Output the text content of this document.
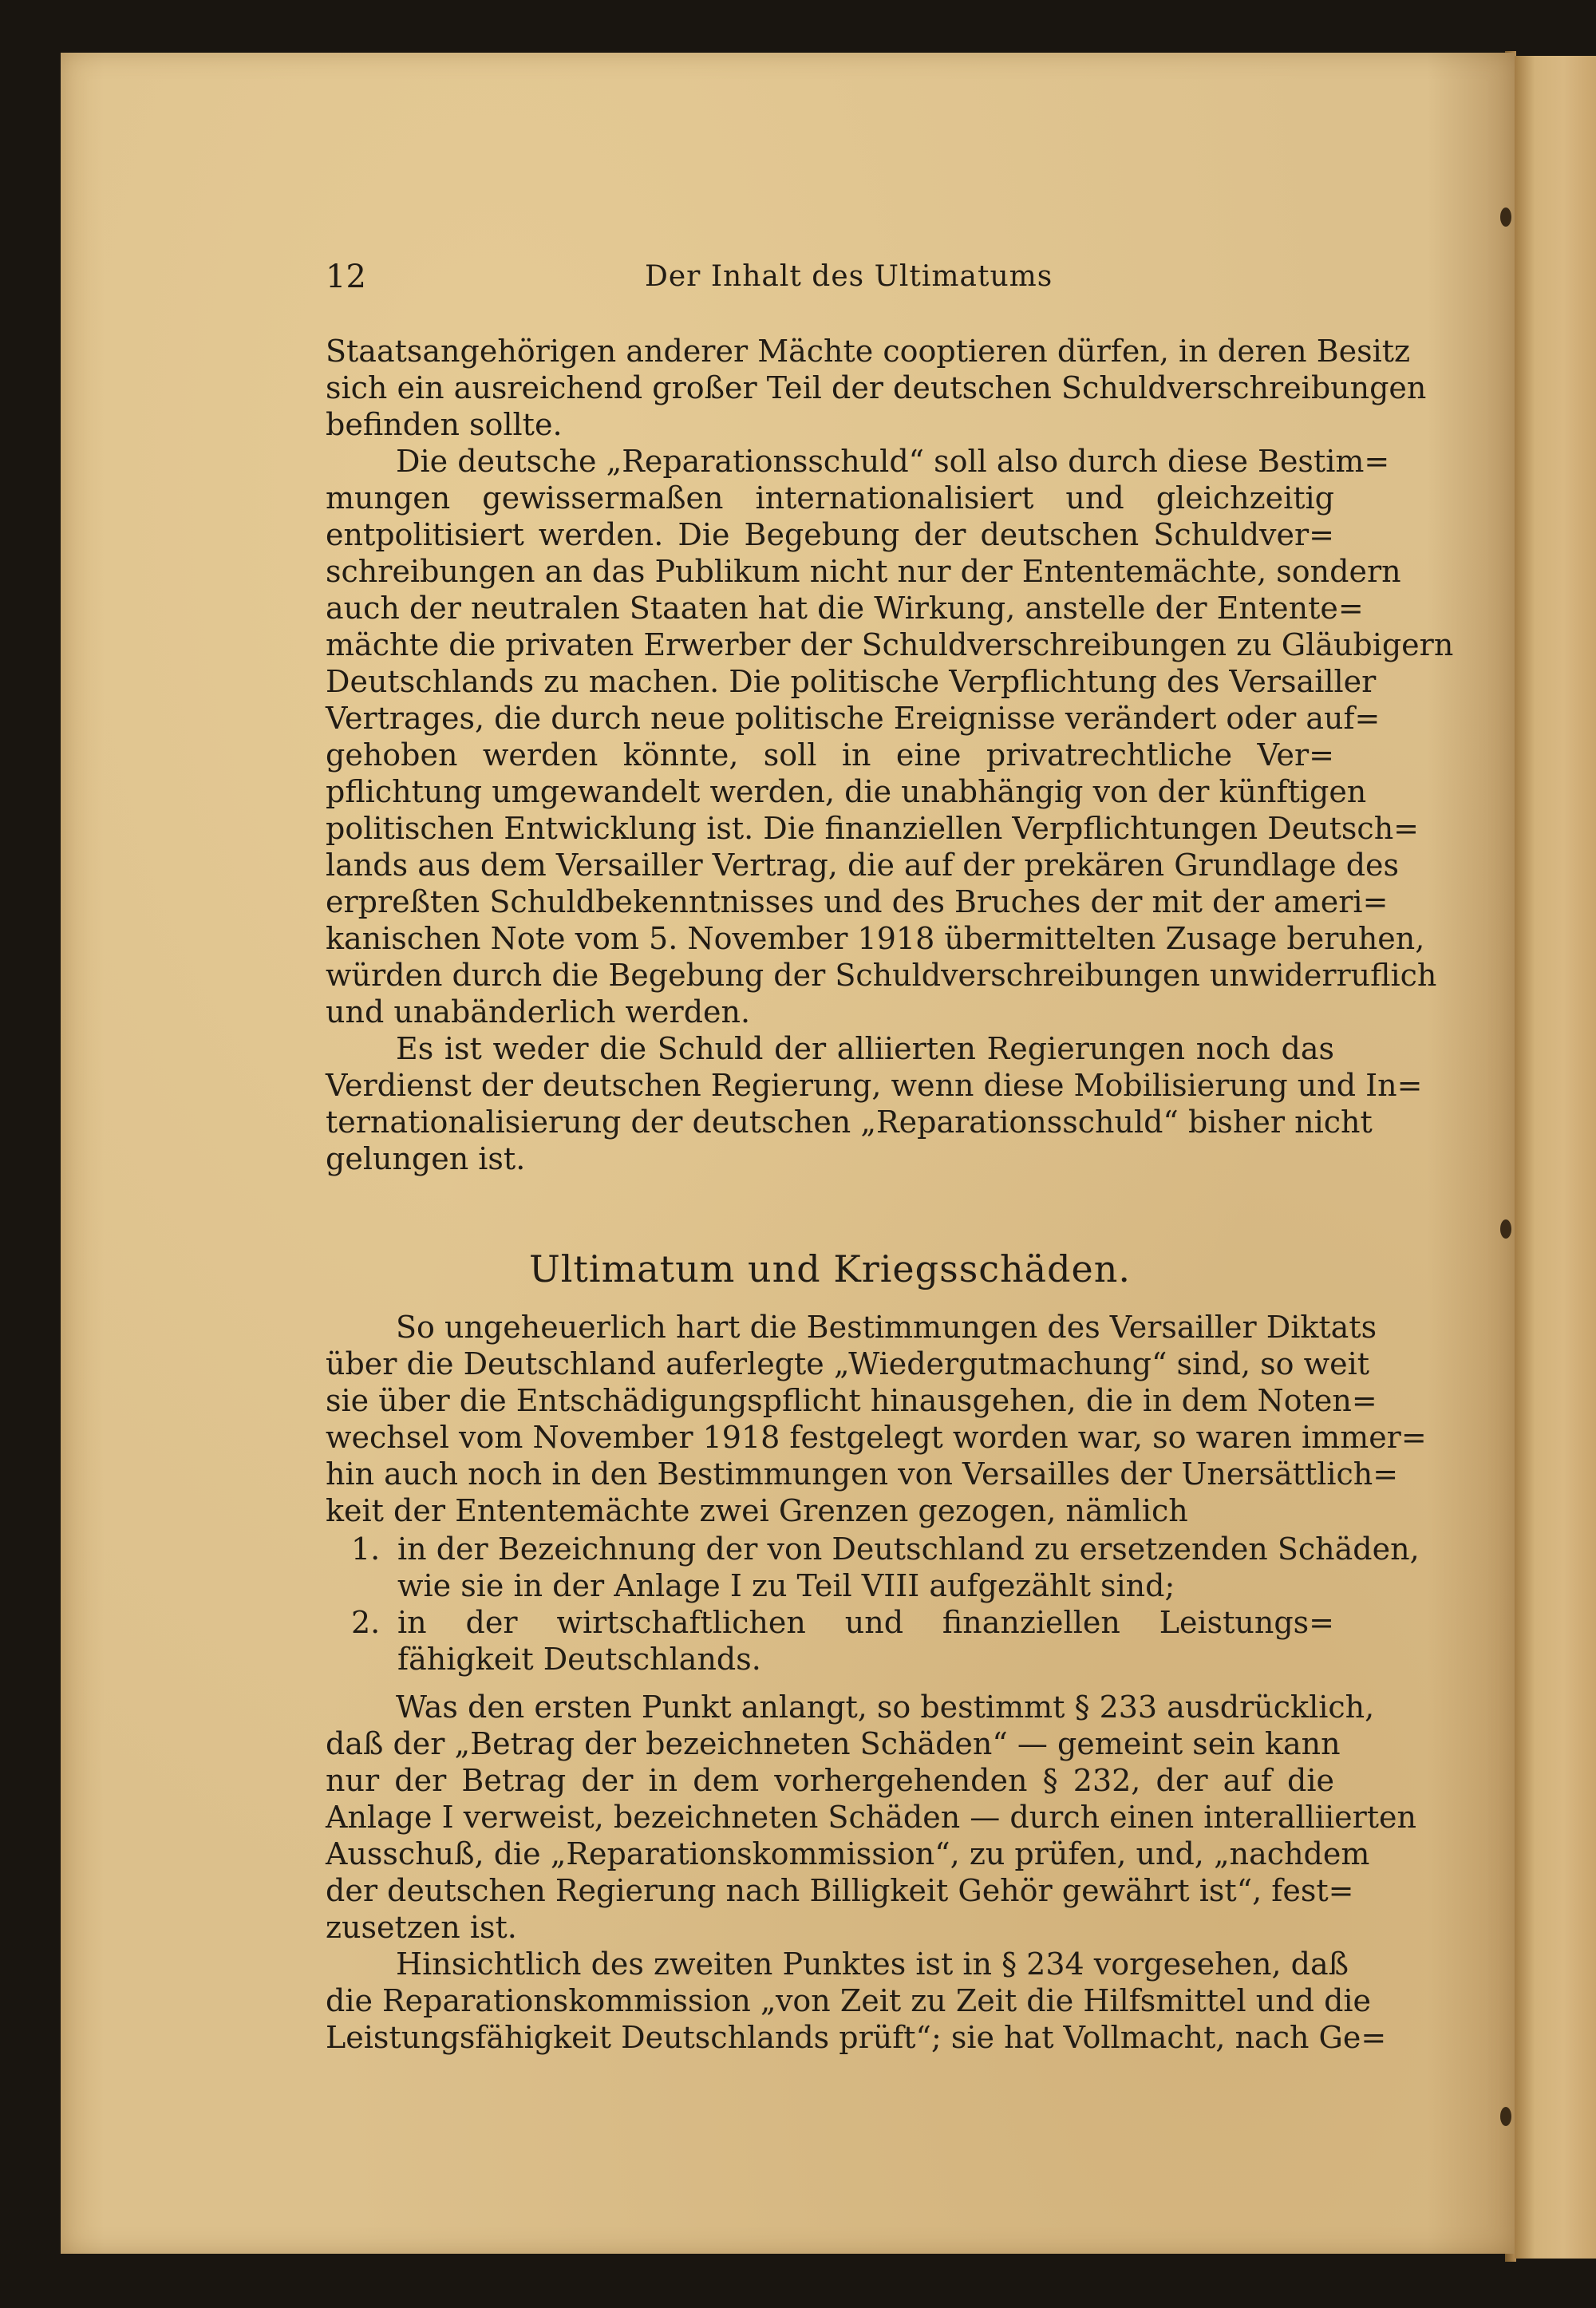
12	Der Inhalt des Ultimatums
Staatsangehörigen anderer Mächte cooptieren dürfen, in deren Besitz
sich ein ausreichend großer Teil der deutschen Schuldverschreibungen
befinden sollte.
Die deutsche „Reparationsschuld“ soll also durch diese Bestim=
mungen gewissermaßen internationalisiert und gleichzeitig
entpolitisiert werden. Die Begebung der deutschen Schuldver=
schreibungen an das Publikum nicht nur der Ententemächte, sondern
auch der neutralen Staaten hat die Wirkung, anstelle der Entente=
mächte die privaten Erwerber der Schuldverschreibungen zu Gläubigern
Deutschlands zu machen. Die politische Verpflichtung des Versailler
Vertrages, die durch neue politische Ereignisse verändert oder auf=
gehoben werden könnte, soll in eine privatrechtliche Ver=
pflichtung umgewandelt werden, die unabhängig von der künftigen
politischen Entwicklung ist. Die finanziellen Verpflichtungen Deutsch=
lands aus dem Versailler Vertrag, die auf der prekären Grundlage des
erpreßten Schuldbekenntnisses und des Bruches der mit der ameri=
kanischen Note vom 5. November 1918 übermittelten Zusage beruhen,
würden durch die Begebung der Schuldverschreibungen unwiderruflich
und unabänderlich werden.
Es ist weder die Schuld der alliierten Regierungen noch das
Verdienst der deutschen Regierung, wenn diese Mobilisierung und In=
ternationalisierung der deutschen „Reparationsschuld“ bisher nicht
gelungen ist.
Ultimatum und Kriegsschäden.
So ungeheuerlich hart die Bestimmungen des Versailler Diktats
über die Deutschland auferlegte „Wiedergutmachung“ sind, so weit
sie über die Entschädigungspflicht hinausgehen, die in dem Noten=
wechsel vom November 1918 festgelegt worden war, so waren immer=
hin auch noch in den Bestimmungen von Versailles der Unersättlich=
keit der Ententemächte zwei Grenzen gezogen, nämlich
1. in der Bezeichnung der von Deutschland zu ersetzenden Schäden,
wie sie in der Anlage I zu Teil VIII aufgezählt sind;
2. in der wirtschaftlichen und finanziellen Leistungs=
fähigkeit Deutschlands.
Was den ersten Punkt anlangt, so bestimmt § 233 ausdrücklich,
daß der „Betrag der bezeichneten Schäden“ — gemeint sein kann
nur der Betrag der in dem vorhergehenden § 232, der auf die
Anlage I verweist, bezeichneten Schäden — durch einen interalliierten
Ausschuß, die „Reparationskommission“, zu prüfen, und, „nachdem
der deutschen Regierung nach Billigkeit Gehör gewährt ist“, fest=
zusetzen ist.
Hinsichtlich des zweiten Punktes ist in § 234 vorgesehen, daß
die Reparationskommission „von Zeit zu Zeit die Hilfsmittel und die
Leistungsfähigkeit Deutschlands prüft“; sie hat Vollmacht, nach Ge=
